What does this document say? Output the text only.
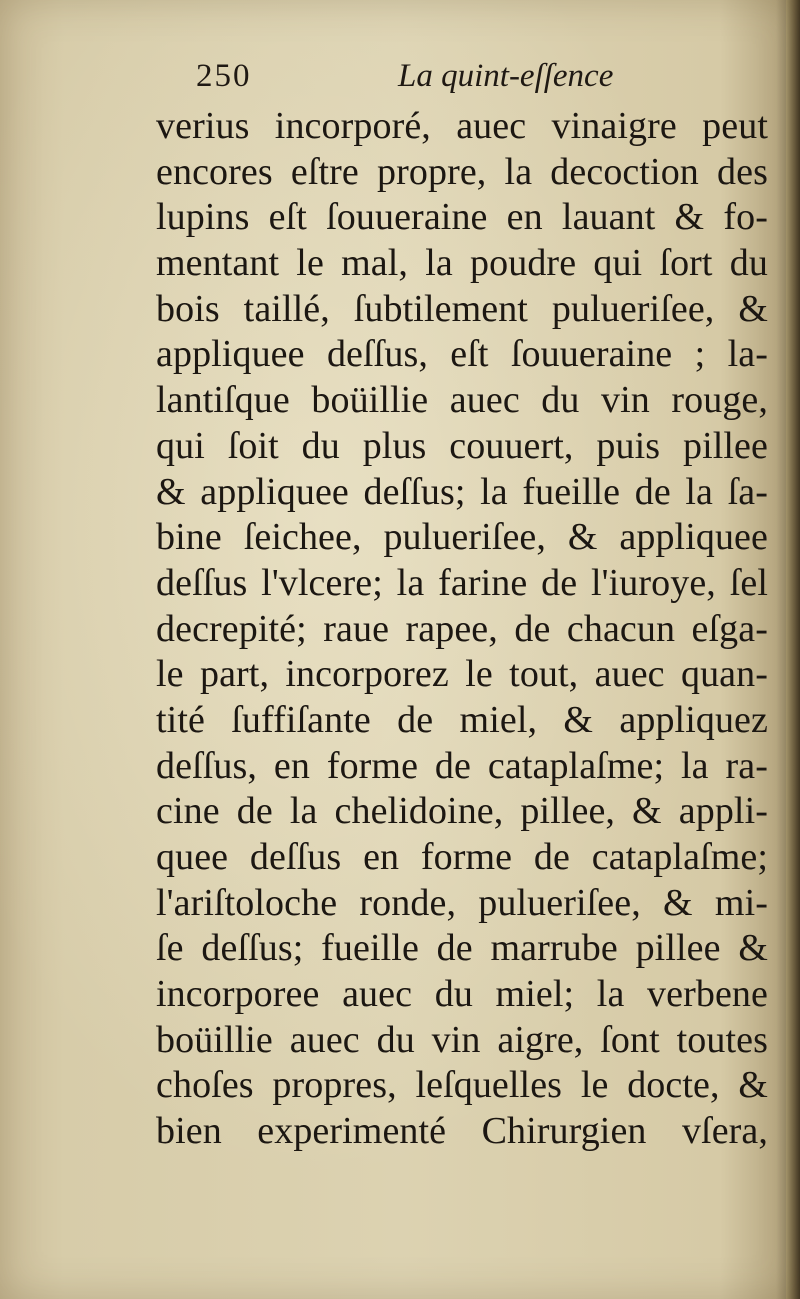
250	La quint-eſſence
verius incorporé, auec vinaigre peut
encores eſtre propre, la decoction des
lupins eſt ſouueraine en lauant & fo-
mentant le mal, la poudre qui ſort du
bois taillé, ſubtilement pulueriſee, &
appliquee deſſus, eſt ſouueraine ; la-
lantiſque boüillie auec du vin rouge,
qui ſoit du plus couuert, puis pillee
& appliquee deſſus; la fueille de la ſa-
bine ſeichee, pulueriſee, & appliquee
deſſus l'vlcere; la farine de l'iuroye, ſel
decrepité; raue rapee, de chacun eſga-
le part, incorporez le tout, auec quan-
tité ſuffiſante de miel, & appliquez
deſſus, en forme de cataplaſme; la ra-
cine de la chelidoine, pillee, & appli-
quee deſſus en forme de cataplaſme;
l'ariſtoloche ronde, pulueriſee, & mi-
ſe deſſus; fueille de marrube pillee &
incorporee auec du miel; la verbene
boüillie auec du vin aigre, ſont toutes
choſes propres, leſquelles le docte, &
bien experimenté Chirurgien vſera,
